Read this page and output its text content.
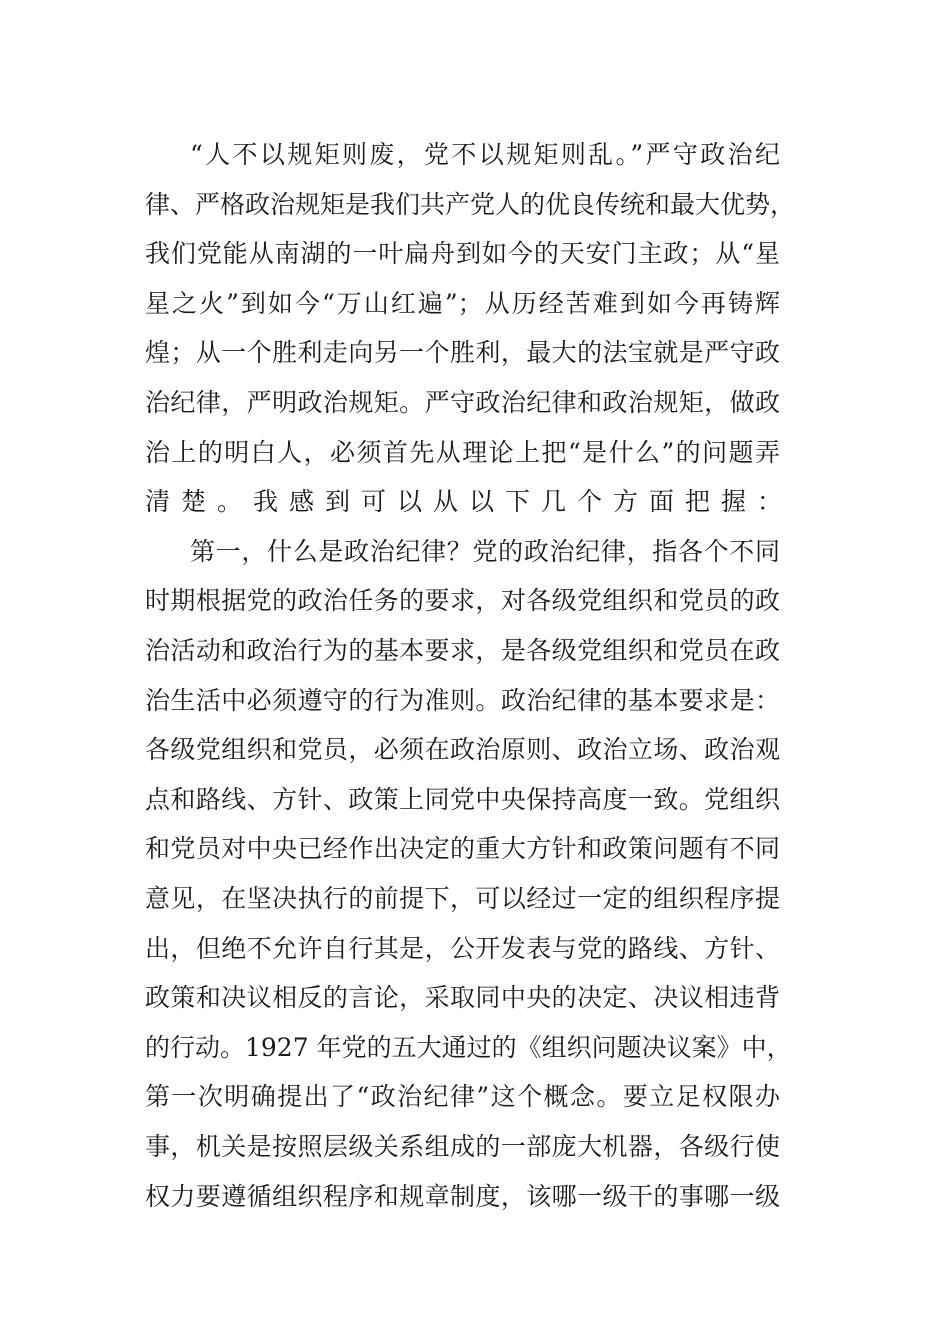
“人不以规矩则废，党不以规矩则乱。”严守政治纪
律、严格政治规矩是我们共产党人的优良传统和最大优势，
我们党能从南湖的一叶扁舟到如今的天安门主政；从“星
星之火”到如今“万山红遍”；从历经苦难到如今再铸辉
煌；从一个胜利走向另一个胜利，最大的法宝就是严守政
治纪律，严明政治规矩。严守政治纪律和政治规矩，做政
治上的明白人，必须首先从理论上把“是什么”的问题弄
清楚。我感到可以从以下几个方面把握：
第一，什么是政治纪律？党的政治纪律，指各个不同
时期根据党的政治任务的要求，对各级党组织和党员的政
治活动和政治行为的基本要求，是各级党组织和党员在政
治生活中必须遵守的行为准则。政治纪律的基本要求是：
各级党组织和党员，必须在政治原则、政治立场、政治观
点和路线、方针、政策上同党中央保持高度一致。党组织
和党员对中央已经作出决定的重大方针和政策问题有不同
意见，在坚决执行的前提下，可以经过一定的组织程序提
出，但绝不允许自行其是，公开发表与党的路线、方针、
政策和决议相反的言论，采取同中央的决定、决议相违背
的行动。1927 年党的五大通过的《组织问题决议案》中，
第一次明确提出了“政治纪律”这个概念。要立足权限办
事，机关是按照层级关系组成的一部庞大机器，各级行使
权力要遵循组织程序和规章制度，该哪一级干的事哪一级
